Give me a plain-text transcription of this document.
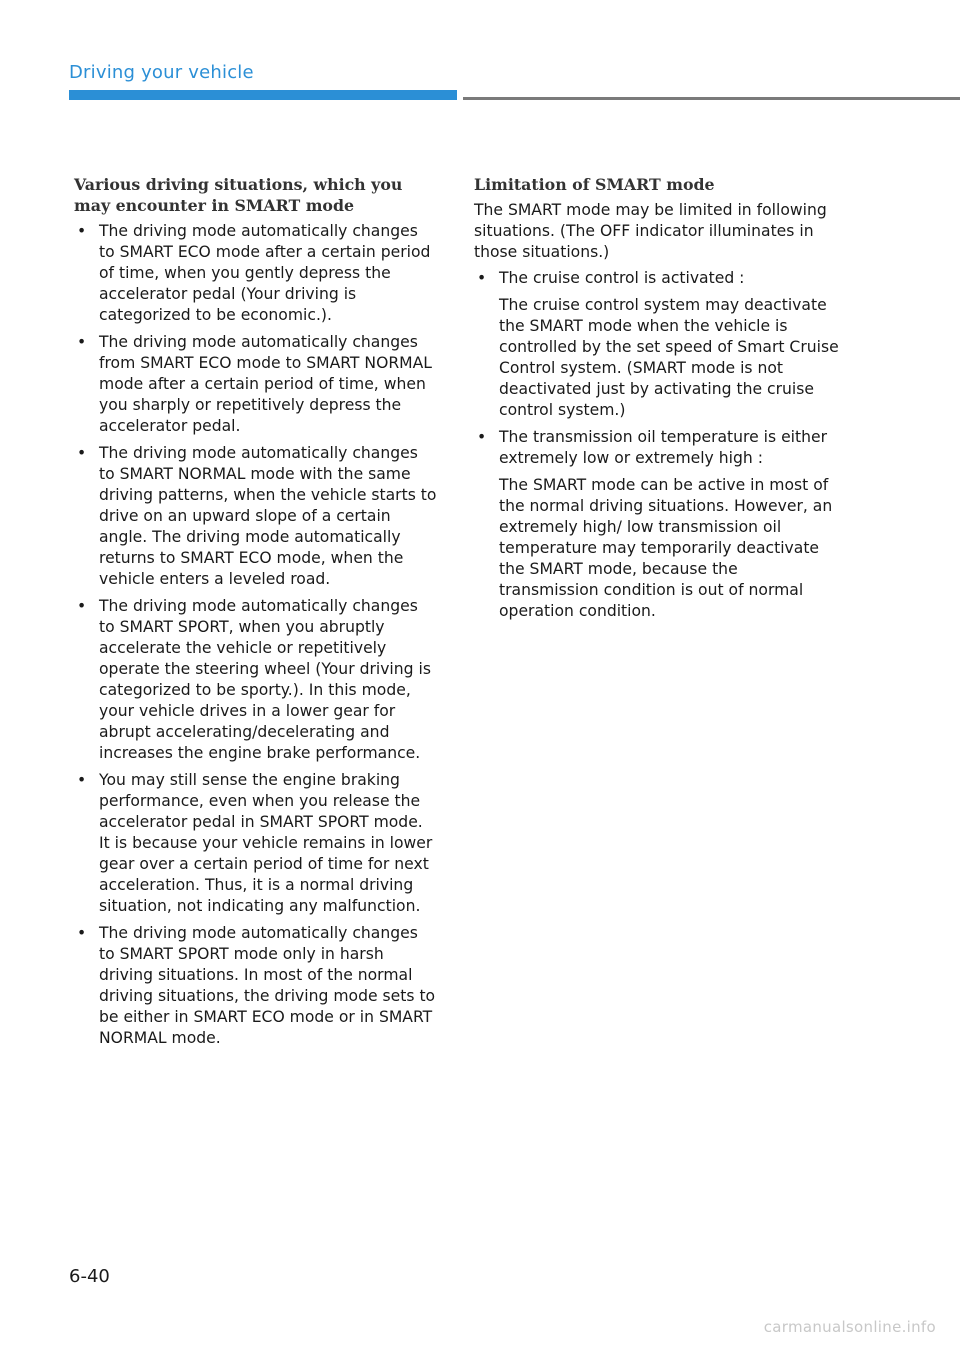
Driving your vehicle
Various driving situations, which you may encounter in SMART mode
• The driving mode automatically changes to SMART ECO mode after a certain period of time, when you gently depress the accelerator pedal (Your driving is categorized to be economic.).
• The driving mode automatically changes from SMART ECO mode to SMART NORMAL mode after a certain period of time, when you sharply or repetitively depress the accelerator pedal.
• The driving mode automatically changes to SMART NORMAL mode with the same driving patterns, when the vehicle starts to drive on an upward slope of a certain angle. The driving mode automatically returns to SMART ECO mode, when the vehicle enters a leveled road.
• The driving mode automatically changes to SMART SPORT, when you abruptly accelerate the vehicle or repetitively operate the steering wheel (Your driving is categorized to be sporty.). In this mode, your vehicle drives in a lower gear for abrupt accelerating/decelerating and increases the engine brake performance.
• You may still sense the engine braking performance, even when you release the accelerator pedal in SMART SPORT mode. It is because your vehicle remains in lower gear over a certain period of time for next acceleration. Thus, it is a normal driving situation, not indicating any malfunction.
• The driving mode automatically changes to SMART SPORT mode only in harsh driving situations. In most of the normal driving situations, the driving mode sets to be either in SMART ECO mode or in SMART NORMAL mode.
Limitation of SMART mode
The SMART mode may be limited in following situations. (The OFF indicator illuminates in those situations.)
• The cruise control is activated :
The cruise control system may deactivate the SMART mode when the vehicle is controlled by the set speed of Smart Cruise Control system. (SMART mode is not deactivated just by activating the cruise control system.)
• The transmission oil temperature is either extremely low or extremely high :
The SMART mode can be active in most of the normal driving situations. However, an extremely high/ low transmission oil temperature may temporarily deactivate the SMART mode, because the transmission condition is out of normal operation condition.
6-40
carmanualsonline.info
